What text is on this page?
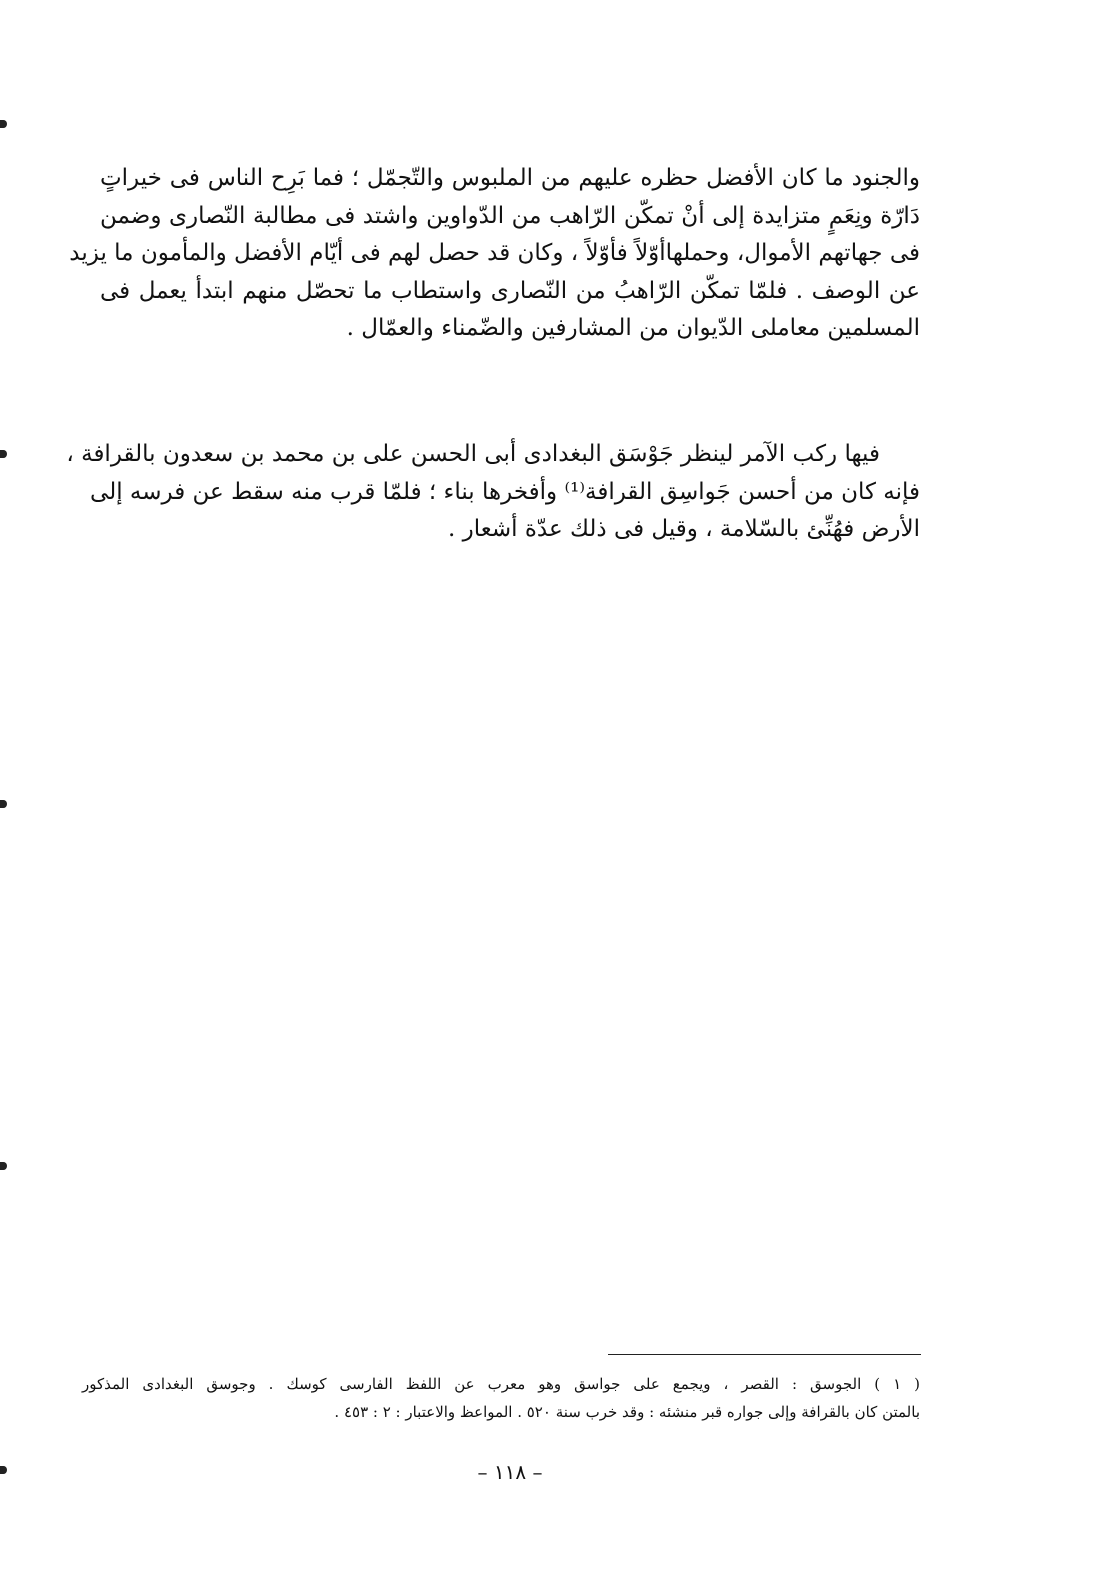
والجنود ما كان الأفضل حظره عليهم من الملبوس والتّجمّل ؛ فما بَرِح الناس فى خيراتٍ
دَارّة ونِعَمٍ متزايدة إلى أنْ تمكّن الرّاهب من الدّواوين واشتد فى مطالبة النّصارى وضمن
فى جهاتهم الأموال، وحملهاأوّلاً فأوّلاً ، وكان قد حصل لهم فى أيّام الأفضل والمأمون ما يزيد
عن الوصف . فلمّا تمكّن الرّاهبُ من النّصارى واستطاب ما تحصّل منهم ابتدأ يعمل فى
المسلمين معاملى الدّيوان من المشارفين والضّمناء والعمّال .
فيها ركب الآمر لينظر جَوْسَق البغدادى أبى الحسن على بن محمد بن سعدون بالقرافة ،
فإنه كان من أحسن جَواسِق القرافة⁽¹⁾ وأفخرها بناء ؛ فلمّا قرب منه سقط عن فرسه إلى
الأرض فهُنِّئ بالسّلامة ، وقيل فى ذلك عدّة أشعار .
( ١ ) الجوسق : القصر ، ويجمع على جواسق وهو معرب عن اللفظ الفارسى كوسك . وجوسق البغدادى المذكور
بالمتن كان بالقرافة وإلى جواره قبر منشئه : وقد خرب سنة ٥٢٠ . المواعظ والاعتبار : ٢ : ٤٥٣ .
– ١١٨ –
